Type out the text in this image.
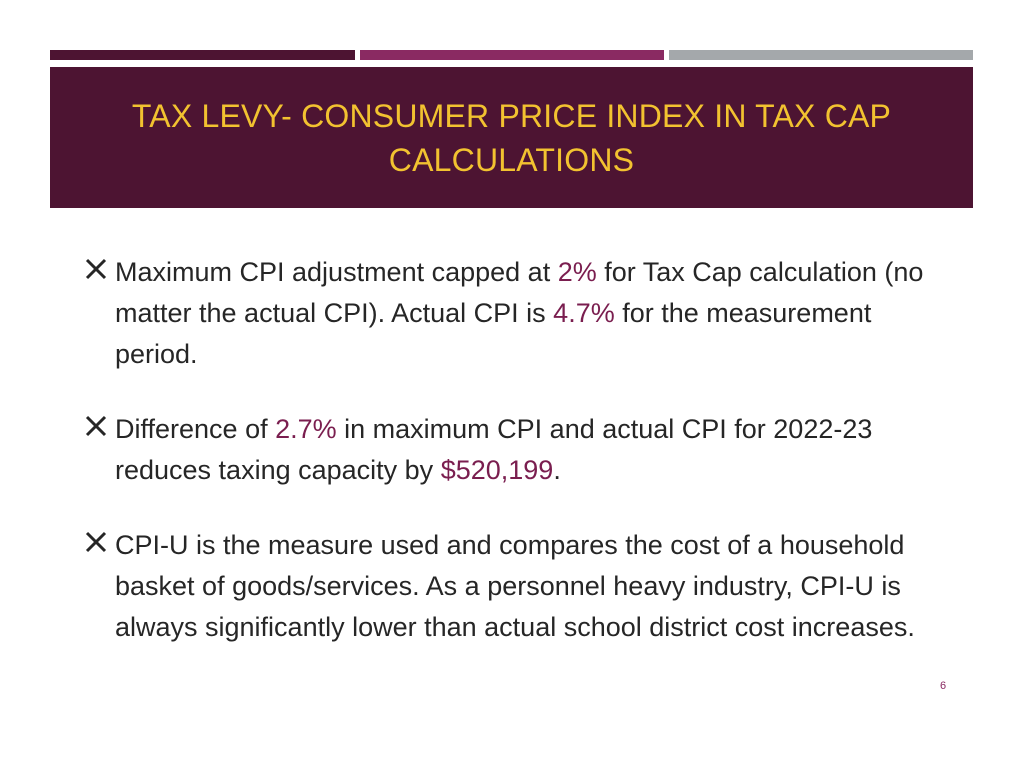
TAX LEVY- CONSUMER PRICE INDEX IN TAX CAP CALCULATIONS
Maximum CPI adjustment capped at 2% for Tax Cap calculation (no matter the actual CPI). Actual CPI is 4.7% for the measurement period.
Difference of 2.7% in maximum CPI and actual CPI for 2022-23 reduces taxing capacity by $520,199.
CPI-U is the measure used and compares the cost of a household basket of goods/services. As a personnel heavy industry, CPI-U is always significantly lower than actual school district cost increases.
6
